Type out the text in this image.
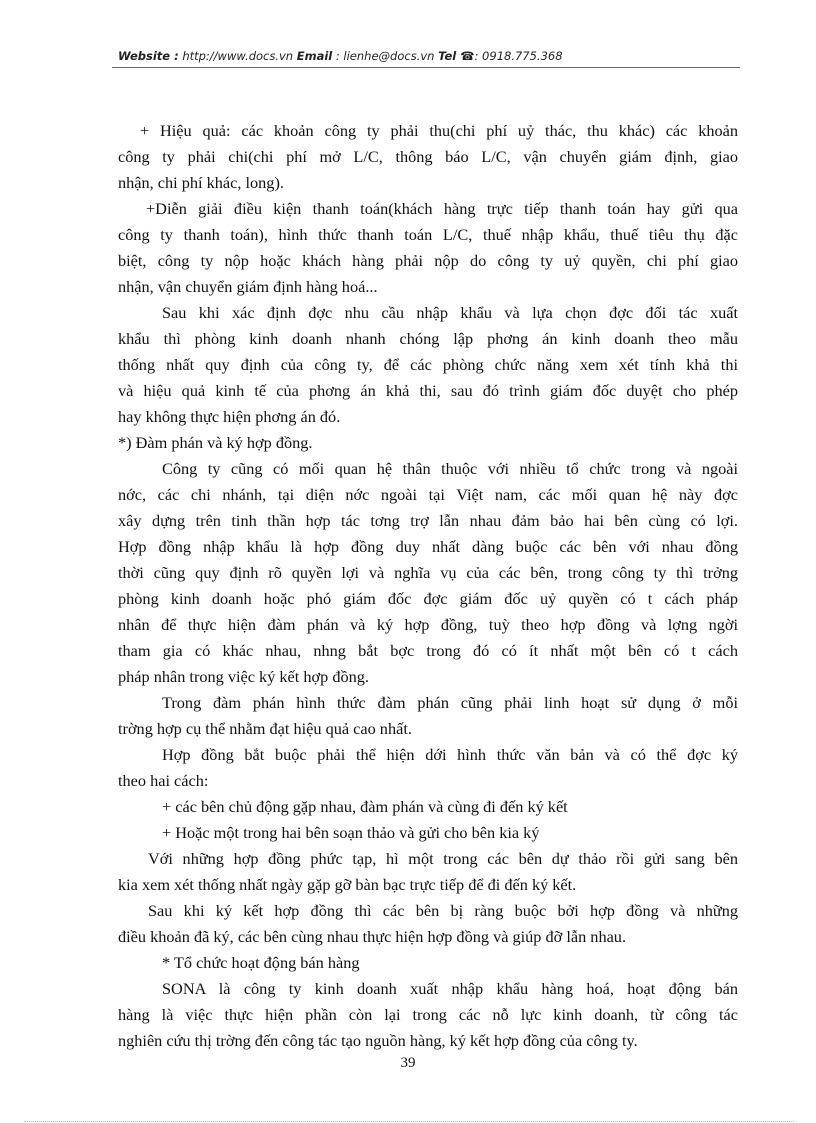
Website : http://www.docs.vn Email : lienhe@docs.vn Tel ☎: 0918.775.368
+ Hiệu quả: các khoản công ty phải thu(chi phí uỷ thác, thu khác) các khoản
công ty phải chi(chi phí mở L/C, thông báo L/C, vận chuyển giám định, giao
nhận, chi phí khác, long).
+Diễn giải điều kiện thanh toán(khách hàng trực tiếp thanh toán hay gửi qua
công ty thanh toán), hình thức thanh toán L/C, thuế nhập khẩu, thuế tiêu thụ đặc
biệt, công ty nộp hoặc khách hàng phải nộp do công ty uỷ quyền, chi phí giao
nhận, vận chuyển giám định hàng hoá...
Sau khi xác định đợc nhu cầu nhập khẩu và lựa chọn đợc đối tác xuất
khẩu thì phòng kinh doanh nhanh chóng lập phơng án kinh doanh theo mẫu
thống nhất quy định của công ty, để các phòng chức năng xem xét tính khả thi
và hiệu quả kinh tế của phơng án khả thi, sau đó trình giám đốc duyệt cho phép
hay không thực hiện phơng án đó.
*) Đàm phán và ký hợp đồng.
Công ty cũng có mối quan hệ thân thuộc với nhiều tổ chức trong và ngoài
nớc, các chi nhánh, tại diện nớc ngoài tại Việt nam, các mối quan hệ này đợc
xây dựng trên tinh thần hợp tác tơng trợ lẫn nhau đảm bảo hai bên cùng có lợi.
Hợp đồng nhập khẩu là hợp đồng duy nhất dàng buộc các bên với nhau đồng
thời cũng quy định rõ quyền lợi và nghĩa vụ của các bên, trong công ty thì trởng
phòng kinh doanh hoặc phó giám đốc đợc giám đốc uỷ quyền có t cách pháp
nhân để thực hiện đàm phán và ký hợp đồng, tuỳ theo hợp đồng và lợng ngời
tham gia có khác nhau, nhng bắt bợc trong đó có ít nhất một bên có t cách
pháp nhân trong việc ký kết hợp đồng.
Trong đàm phán hình thức đàm phán cũng phải linh hoạt sử dụng ở mỗi
trờng hợp cụ thể nhằm đạt hiệu quả cao nhất.
Hợp đồng bắt buộc phải thể hiện dới hình thức văn bản và có thể đợc ký
theo hai cách:
+ các bên chủ động gặp nhau, đàm phán và cùng đi đến ký kết
+ Hoặc một trong hai bên soạn thảo và gửi cho bên kia ký
Với những hợp đồng phức tạp, hì một trong các bên dự thảo rồi gửi sang bên
kia xem xét thống nhất ngày gặp gỡ bàn bạc trực tiếp để đi đến ký kết.
Sau khi ký kết hợp đồng thì các bên bị ràng buộc bởi hợp đồng và những
điều khoản đã ký, các bên cùng nhau thực hiện hợp đồng và giúp đỡ lẫn nhau.
* Tổ chức hoạt động bán hàng
SONA là công ty kinh doanh xuất nhập khẩu hàng hoá, hoạt động bán
hàng là việc thực hiện phần còn lại trong các nỗ lực kinh doanh, từ công tác
nghiên cứu thị trờng đến công tác tạo nguồn hàng, ký kết hợp đồng của công ty.
39
